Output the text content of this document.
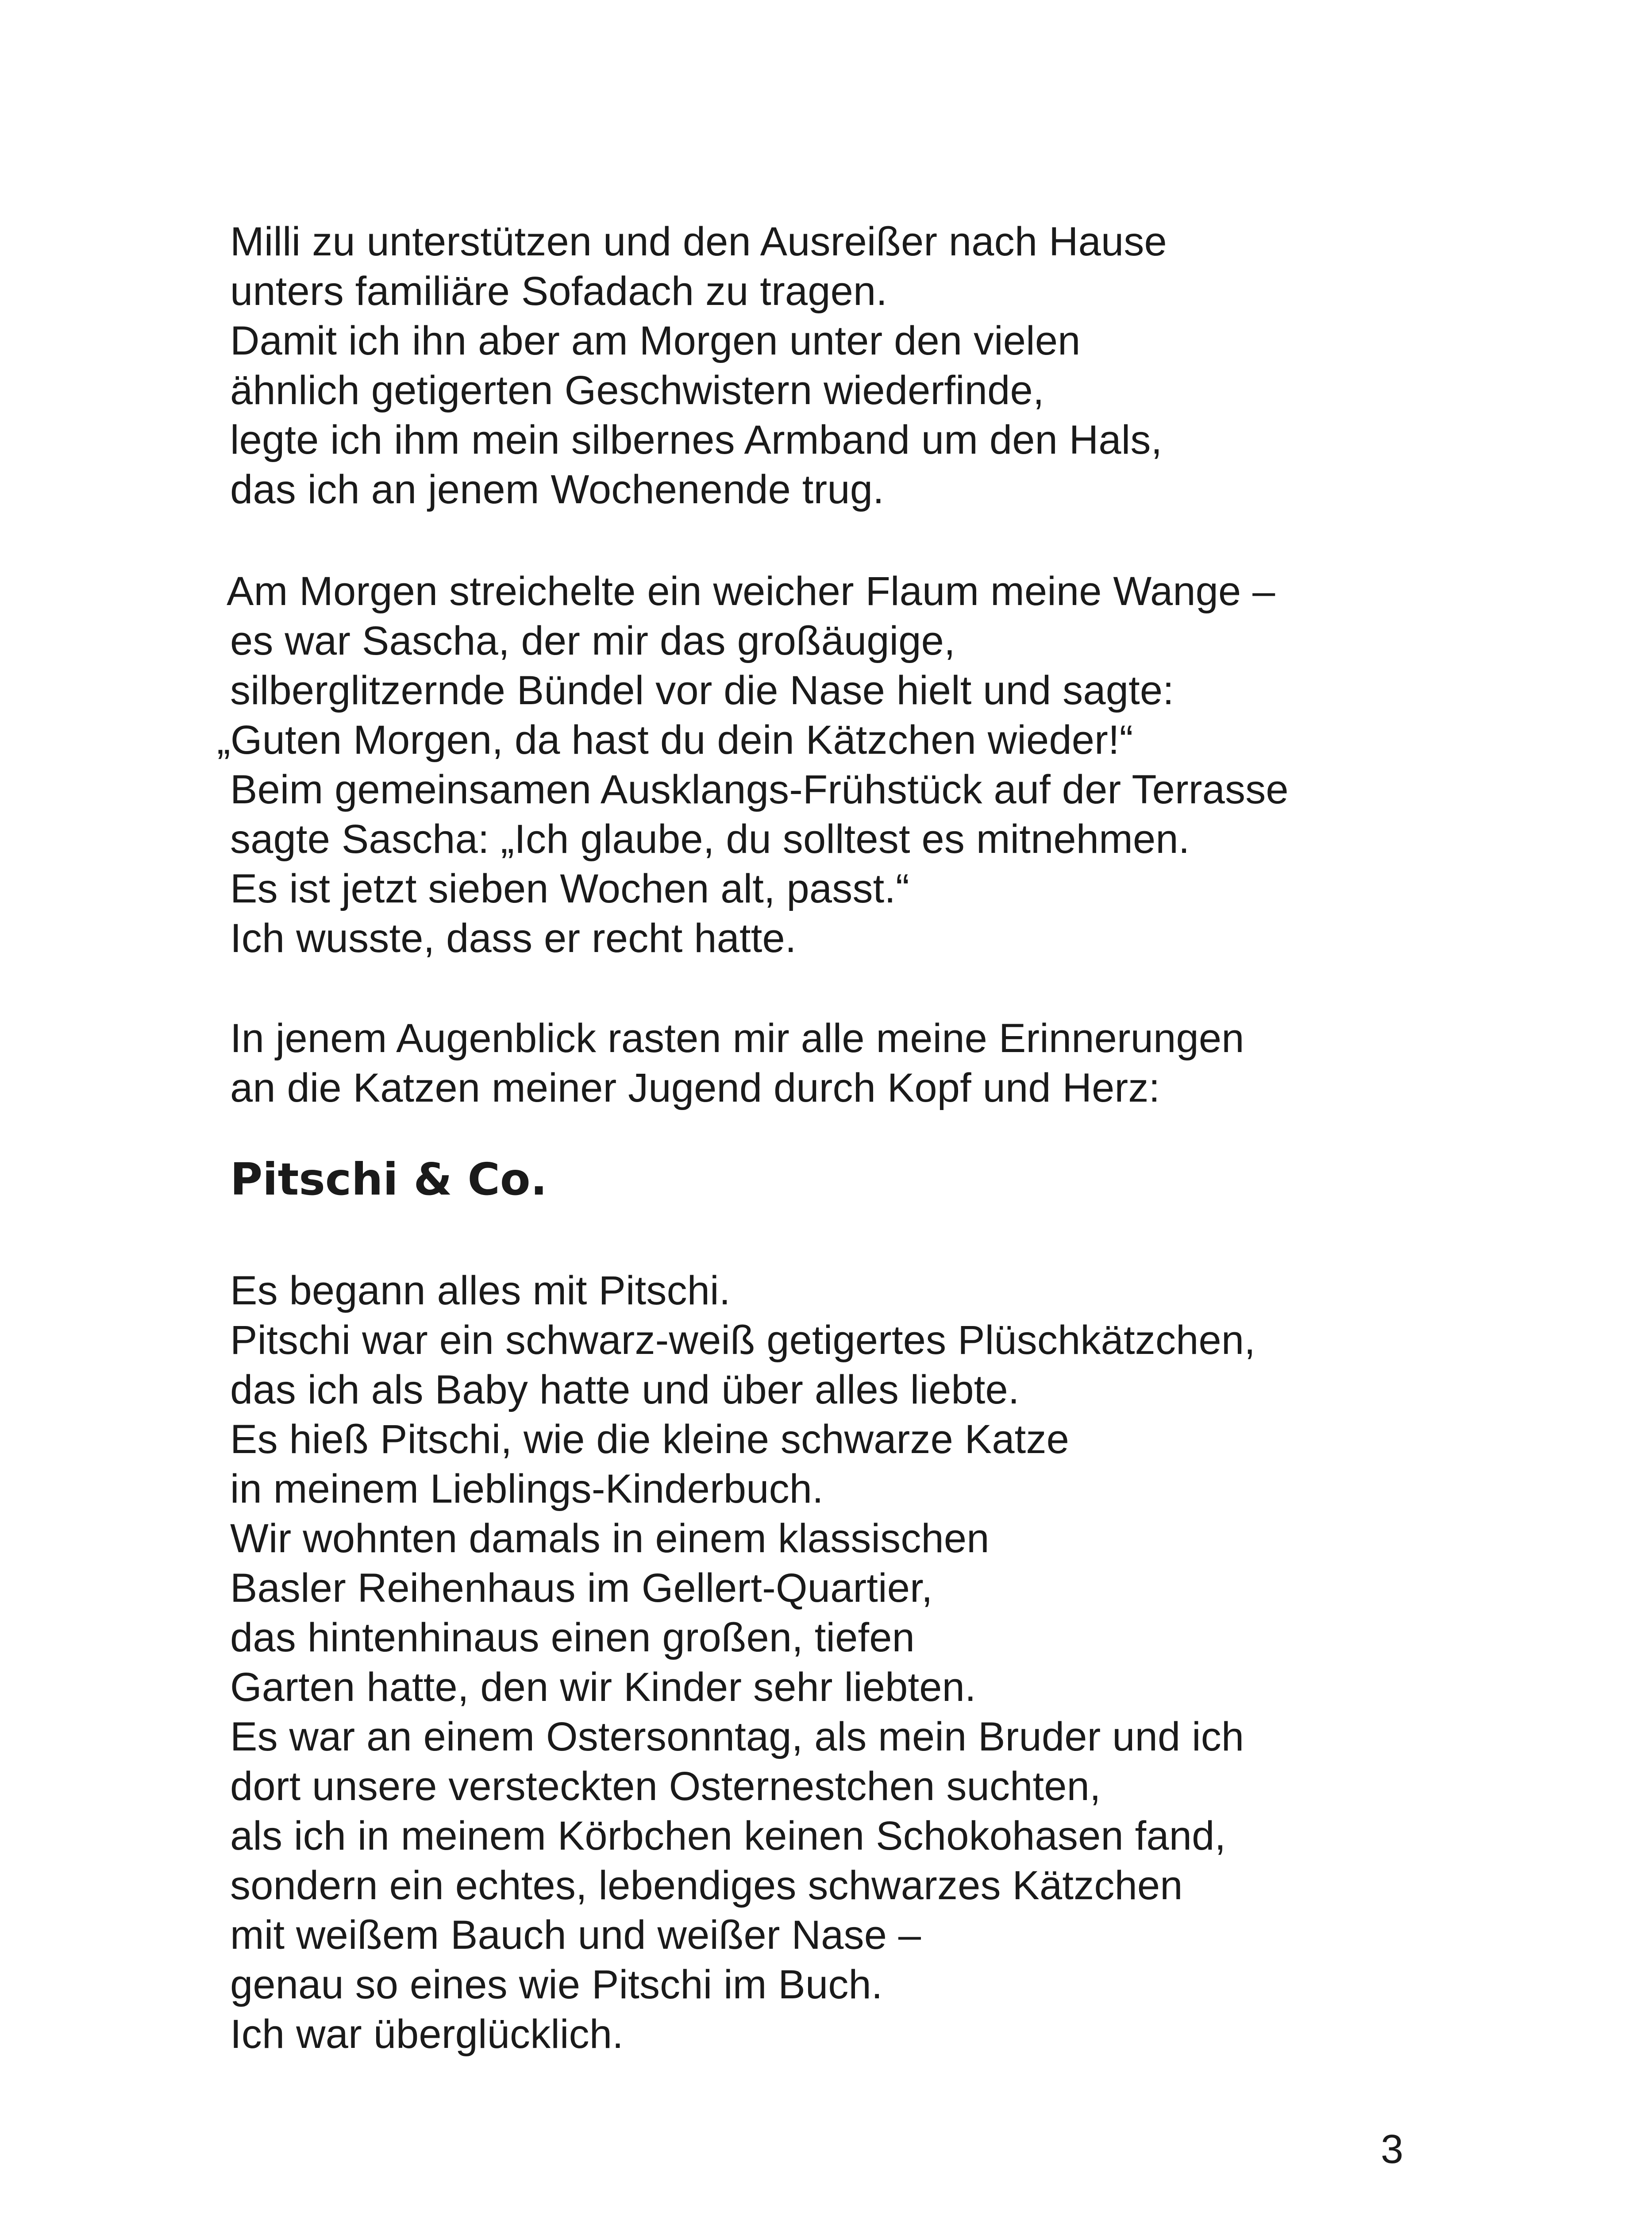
Milli zu unterstützen und den Ausreißer nach Hause
unters familiäre Sofadach zu tragen.
Damit ich ihn aber am Morgen unter den vielen
ähnlich getigerten Geschwistern wiederfinde,
legte ich ihm mein silbernes Armband um den Hals,
das ich an jenem Wochenende trug.
Am Morgen streichelte ein weicher Flaum meine Wange –
es war Sascha, der mir das großäugige,
silberglitzernde Bündel vor die Nase hielt und sagte:
„Guten Morgen, da hast du dein Kätzchen wieder!“
Beim gemeinsamen Ausklangs-Frühstück auf der Terrasse
sagte Sascha: „Ich glaube, du solltest es mitnehmen.
Es ist jetzt sieben Wochen alt, passt.“
Ich wusste, dass er recht hatte.
In jenem Augenblick rasten mir alle meine Erinnerungen
an die Katzen meiner Jugend durch Kopf und Herz:
Pitschi & Co.
Es begann alles mit Pitschi.
Pitschi war ein schwarz-weiß getigertes Plüschkätzchen,
das ich als Baby hatte und über alles liebte.
Es hieß Pitschi, wie die kleine schwarze Katze
in meinem Lieblings-Kinderbuch.
Wir wohnten damals in einem klassischen
Basler Reihenhaus im Gellert-Quartier,
das hintenhinaus einen großen, tiefen
Garten hatte, den wir Kinder sehr liebten.
Es war an einem Ostersonntag, als mein Bruder und ich
dort unsere versteckten Osternestchen suchten,
als ich in meinem Körbchen keinen Schokohasen fand,
sondern ein echtes, lebendiges schwarzes Kätzchen
mit weißem Bauch und weißer Nase –
genau so eines wie Pitschi im Buch.
Ich war überglücklich.
3
